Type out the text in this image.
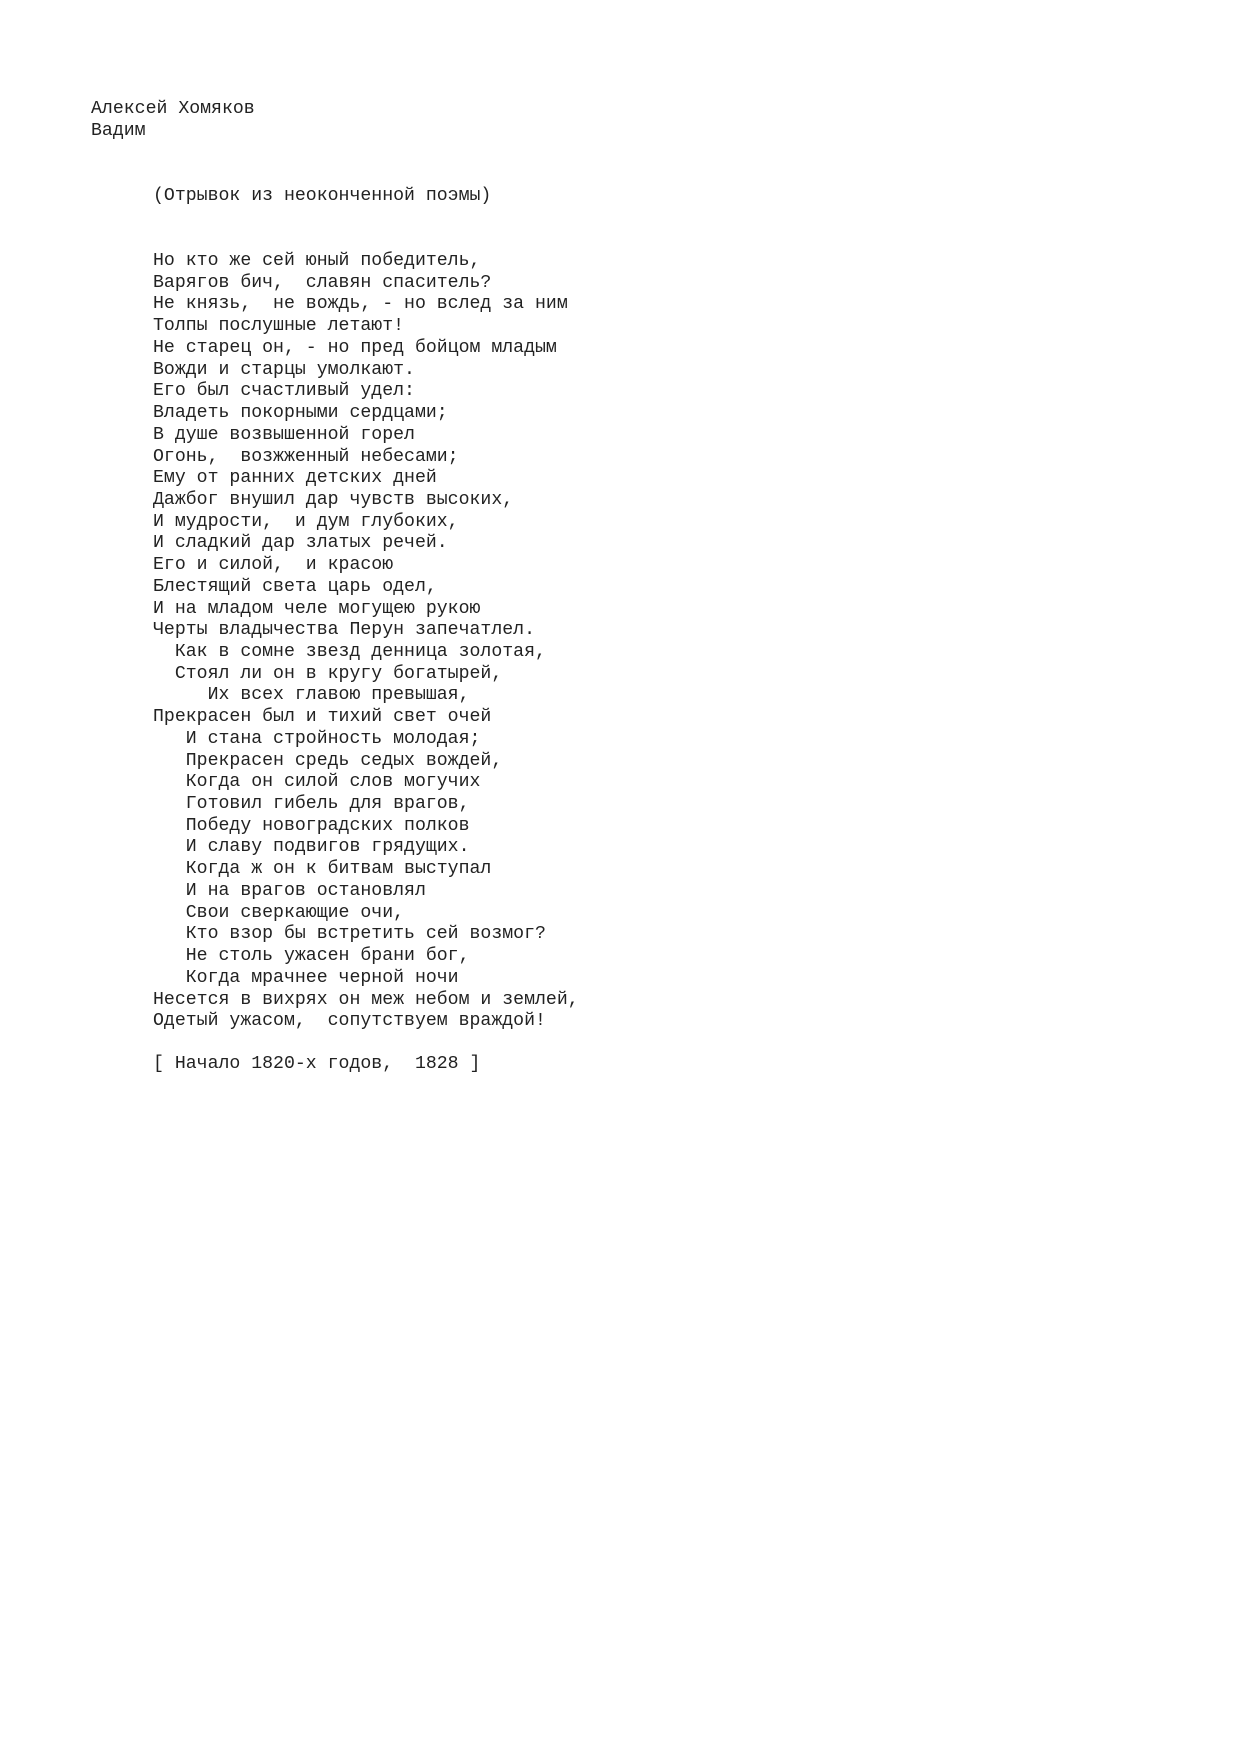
Алексей Хомяков
Вадим
(Отрывок из неоконченной поэмы)
Но кто же сей юный победитель,
Варягов бич,  славян спаситель?
Не князь,  не вождь, - но вслед за ним
Толпы послушные летают!
Не старец он, - но пред бойцом младым
Вожди и старцы умолкают.
Его был счастливый удел:
Владеть покорными сердцами;
В душе возвышенной горел
Огонь,  возжженный небесами;
Ему от ранних детских дней
Дажбог внушил дар чувств высоких,
И мудрости,  и дум глубоких,
И сладкий дар златых речей.
Его и силой,  и красою
Блестящий света царь одел,
И на младом челе могущею рукою
Черты владычества Перун запечатлел.
Как в сомне звезд денница золотая,
Стоял ли он в кругу богатырей,
Их всех главою превышая,
Прекрасен был и тихий свет очей
И стана стройность молодая;
Прекрасен средь седых вождей,
Когда он силой слов могучих
Готовил гибель для врагов,
Победу новоградских полков
И славу подвигов грядущих.
Когда ж он к битвам выступал
И на врагов остановлял
Свои сверкающие очи,
Кто взор бы встретить сей возмог?
Не столь ужасен брани бог,
Когда мрачнее черной ночи
Несется в вихрях он меж небом и землей,
Одетый ужасом,  сопутствуем враждой!
[ Начало 1820-х годов,  1828 ]
